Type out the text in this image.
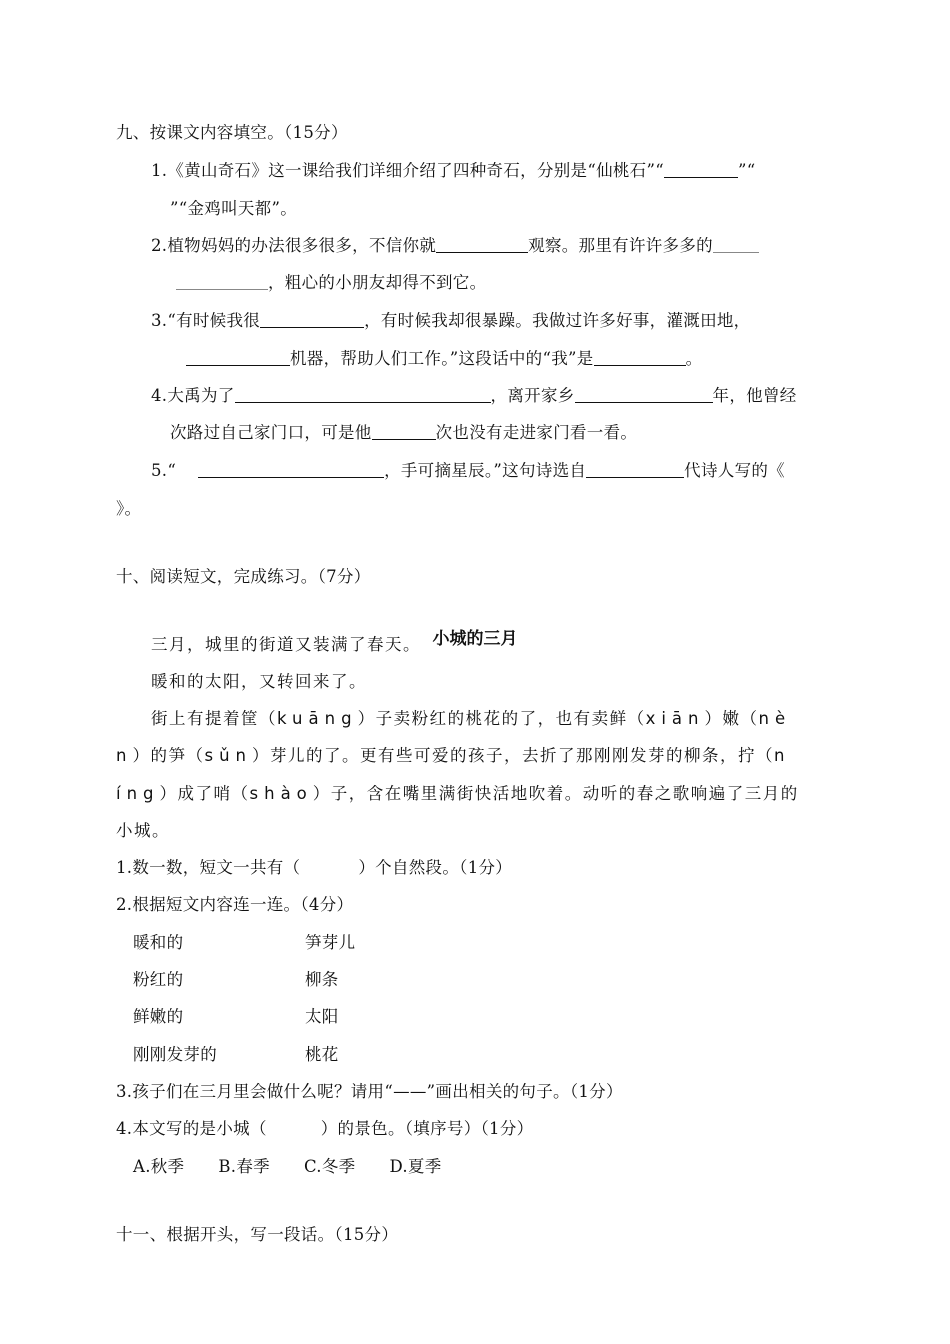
九、按课文内容填空。（15分）
1.《黄山奇石》这一课给我们详细介绍了四种奇石，分别是“仙桃石”“	”“
”“金鸡叫天都”。
2.植物妈妈的办法很多很多，不信你就	观察。那里有许许多多的
，粗心的小朋友却得不到它。
3.“有时候我很	，有时候我却很暴躁。我做过许多好事，灌溉田地，
机器，帮助人们工作。”这段话中的“我”是	。
4.大禹为了	，离开家乡	年，他曾经
次路过自己家门口，可是他	次也没有走进家门看一看。
5.“	，手可摘星辰。”这句诗选自	代诗人写的《
》。
十、阅读短文，完成练习。（7分）
小城的三月
三月，城里的街道又装满了春天。
暖和的太阳，又转回来了。
街上有提着筐（kuāng）子卖粉红的桃花的了，也有卖鲜（xiān）嫩（nè
n）的笋（sǔn）芽儿的了。更有些可爱的孩子，去折了那刚刚发芽的柳条，拧（n
íng）成了哨（shào）子，含在嘴里满街快活地吹着。动听的春之歌响遍了三月的
小城。
1.数一数，短文一共有（	）个自然段。（1分）
2.根据短文内容连一连。（4分）
暖和的	笋芽儿
粉红的	柳条
鲜嫩的	太阳
刚刚发芽的	桃花
3.孩子们在三月里会做什么呢？请用“——”画出相关的句子。（1分）
4.本文写的是小城（	）的景色。（填序号）（1分）
A.秋季 B.春季 C.冬季 D.夏季
十一、根据开头，写一段话。（15分）
